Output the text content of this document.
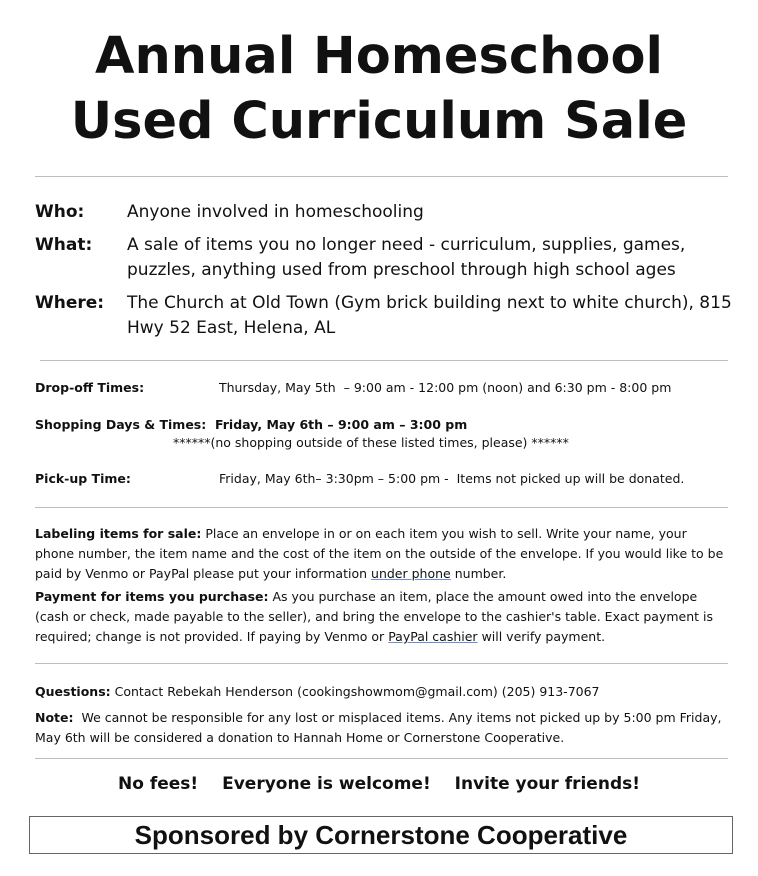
Annual Homeschool
Used Curriculum Sale
Who:	Anyone involved in homeschooling
What: A sale of items you no longer need - curriculum, supplies, games, puzzles, anything used from preschool through high school ages
Where: The Church at Old Town (Gym brick building next to white church), 815 Hwy 52 East, Helena, AL
Drop-off Times:	Thursday, May 5th  – 9:00 am - 12:00 pm (noon) and 6:30 pm - 8:00 pm
Shopping Days & Times: Friday, May 6th – 9:00 am – 3:00 pm
******(no shopping outside of these listed times, please) ******
Pick-up Time:	Friday, May 6th– 3:30pm – 5:00 pm -  Items not picked up will be donated.
Labeling items for sale: Place an envelope in or on each item you wish to sell. Write your name, your phone number, the item name and the cost of the item on the outside of the envelope. If you would like to be paid by Venmo or PayPal please put your information under phone number.
Payment for items you purchase: As you purchase an item, place the amount owed into the envelope (cash or check, made payable to the seller), and bring the envelope to the cashier's table. Exact payment is required; change is not provided. If paying by Venmo or PayPal cashier will verify payment.
Questions: Contact Rebekah Henderson (cookingshowmom@gmail.com) (205) 913-7067
Note: We cannot be responsible for any lost or misplaced items. Any items not picked up by 5:00 pm Friday, May 6th will be considered a donation to Hannah Home or Cornerstone Cooperative.
No fees! Everyone is welcome! Invite your friends!
Sponsored by Cornerstone Cooperative
